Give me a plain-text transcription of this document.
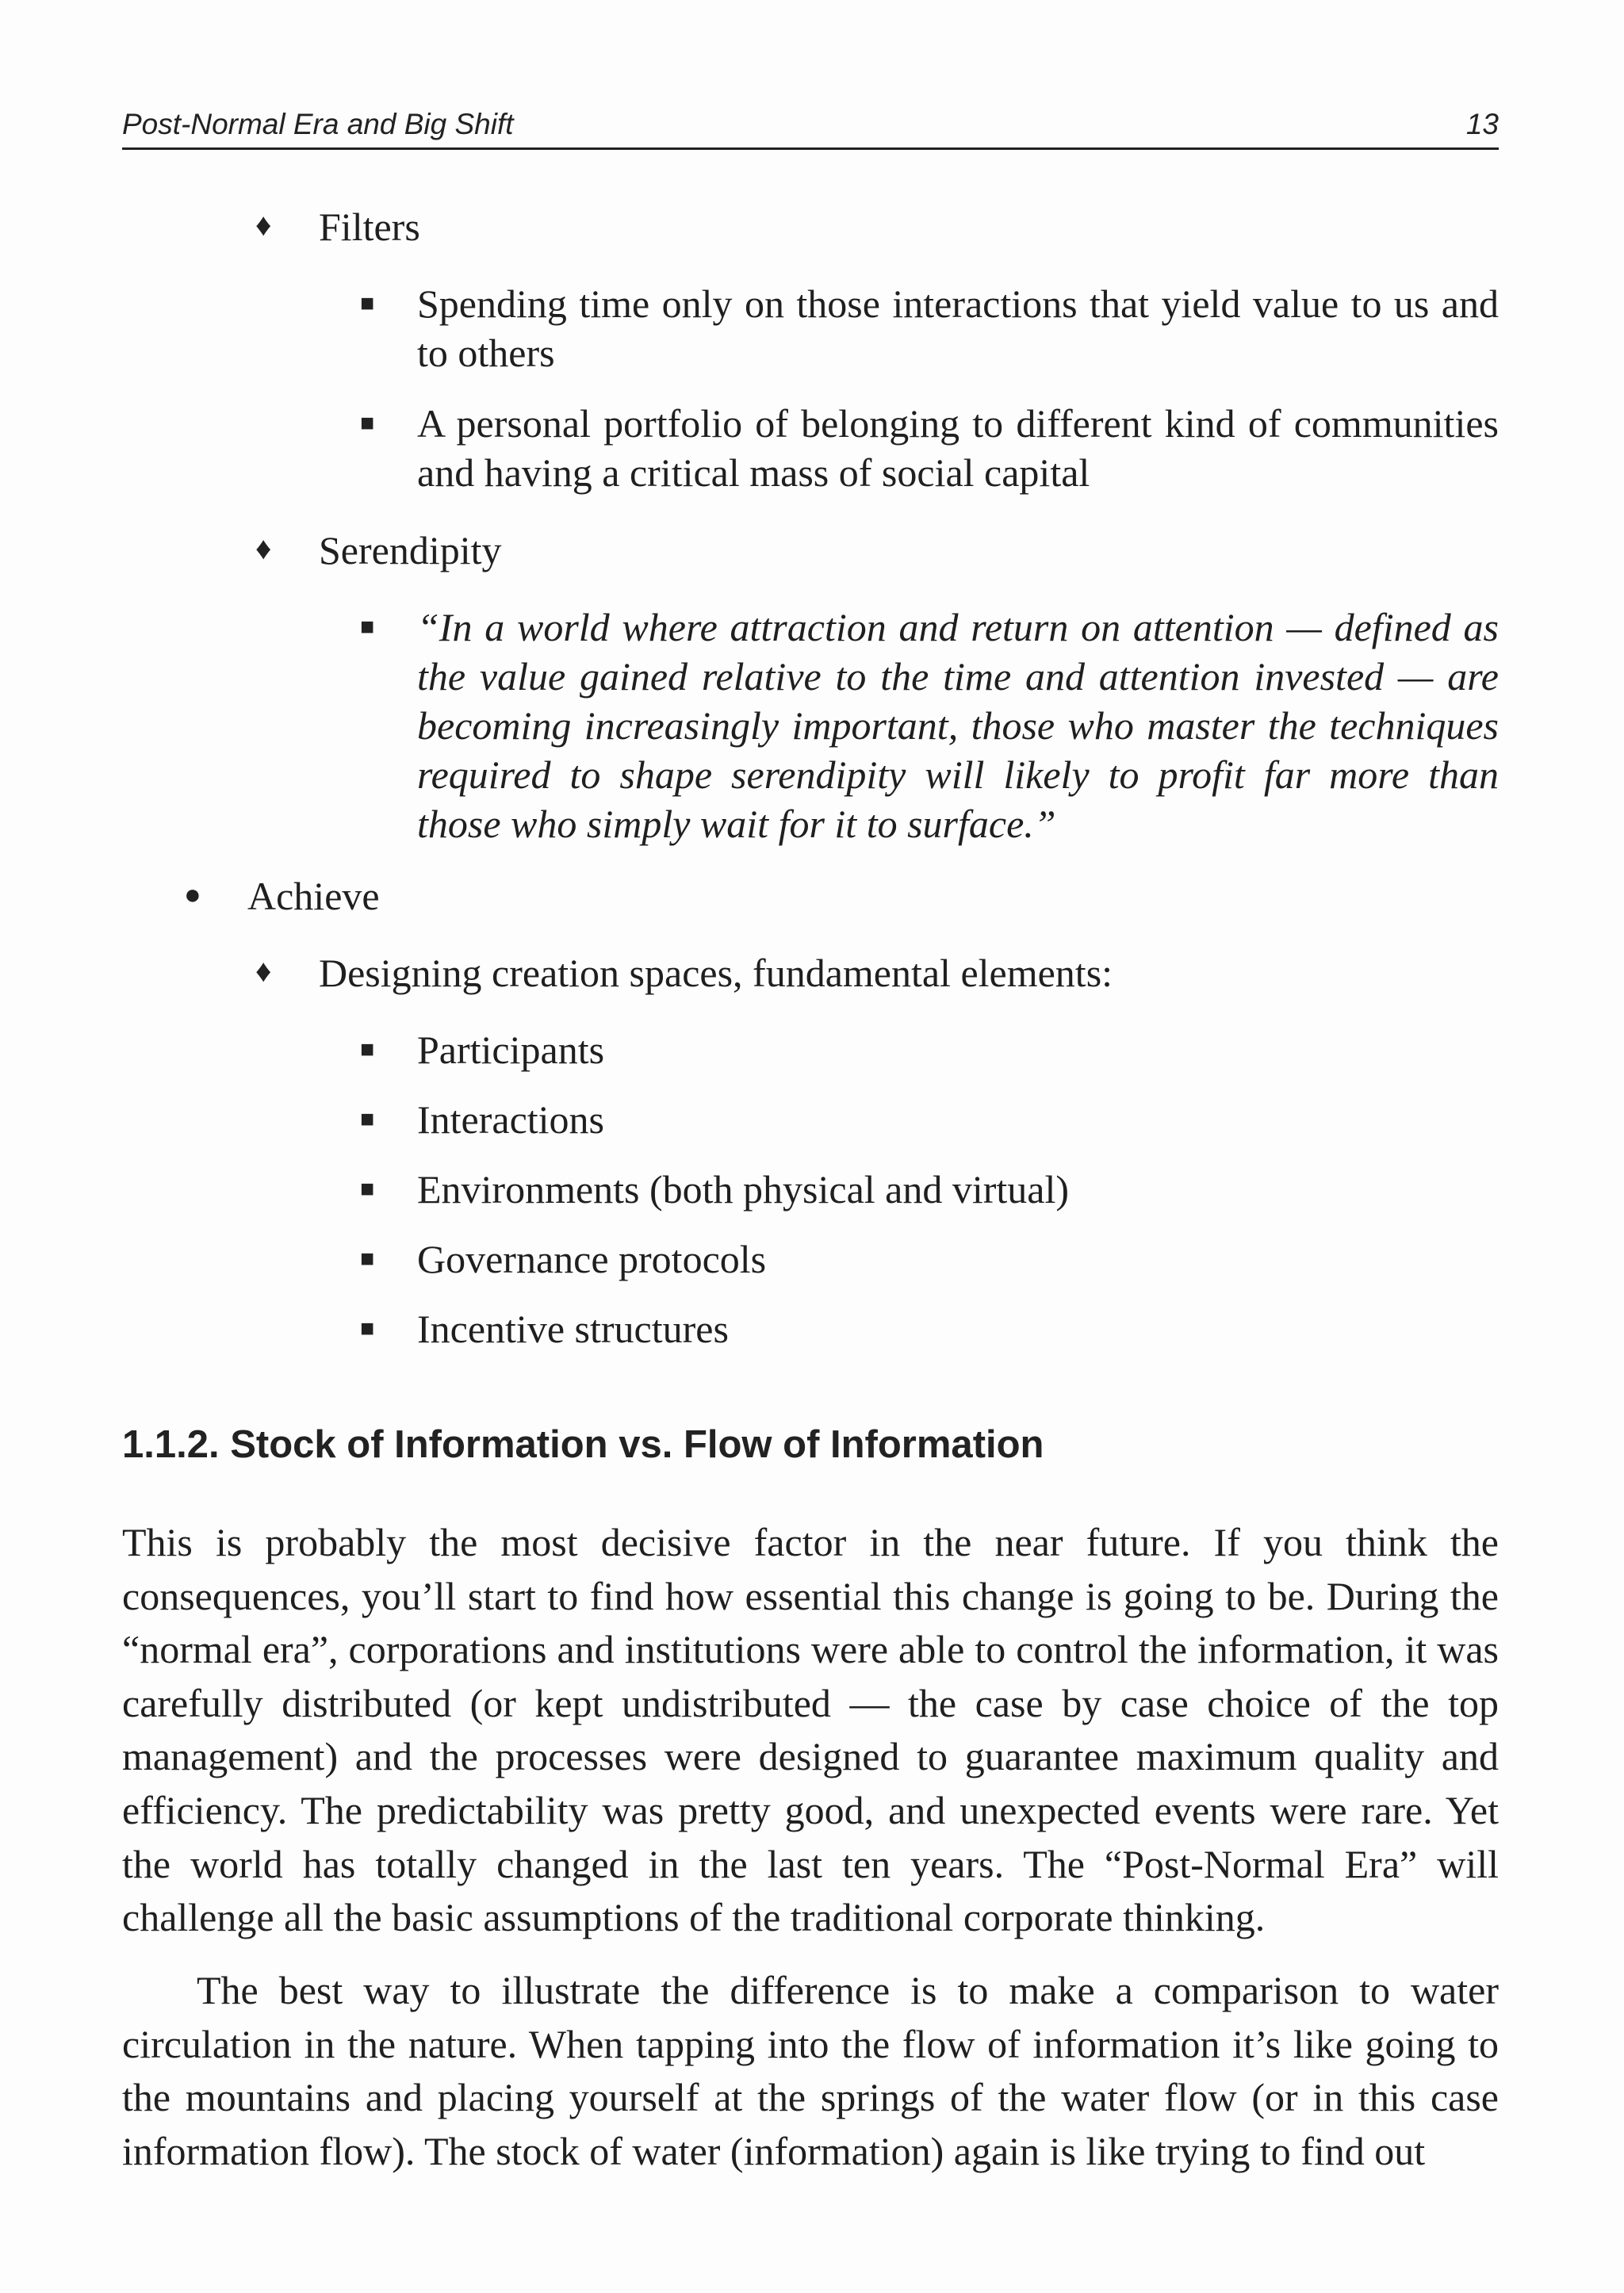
Post-Normal Era and Big Shift	13
♦ Filters
■ Spending time only on those interactions that yield value to us and to others
■ A personal portfolio of belonging to different kind of communities and having a critical mass of social capital
♦ Serendipity
■ “In a world where attraction and return on attention — defined as the value gained relative to the time and attention invested — are becoming increasingly important, those who master the techniques required to shape serendipity will likely to profit far more than those who simply wait for it to surface.”
● Achieve
♦ Designing creation spaces, fundamental elements:
■ Participants
■ Interactions
■ Environments (both physical and virtual)
■ Governance protocols
■ Incentive structures
1.1.2. Stock of Information vs. Flow of Information

This is probably the most decisive factor in the near future. If you think the consequences, you’ll start to find how essential this change is going to be. During the “normal era”, corporations and institutions were able to control the information, it was carefully distributed (or kept undistributed — the case by case choice of the top management) and the processes were designed to guarantee maximum quality and efficiency. The predictability was pretty good, and unexpected events were rare. Yet the world has totally changed in the last ten years. The “Post-Normal Era” will challenge all the basic assumptions of the traditional corporate thinking.

The best way to illustrate the difference is to make a comparison to water circulation in the nature. When tapping into the flow of information it’s like going to the mountains and placing yourself at the springs of the water flow (or in this case information flow). The stock of water (information) again is like trying to find out
